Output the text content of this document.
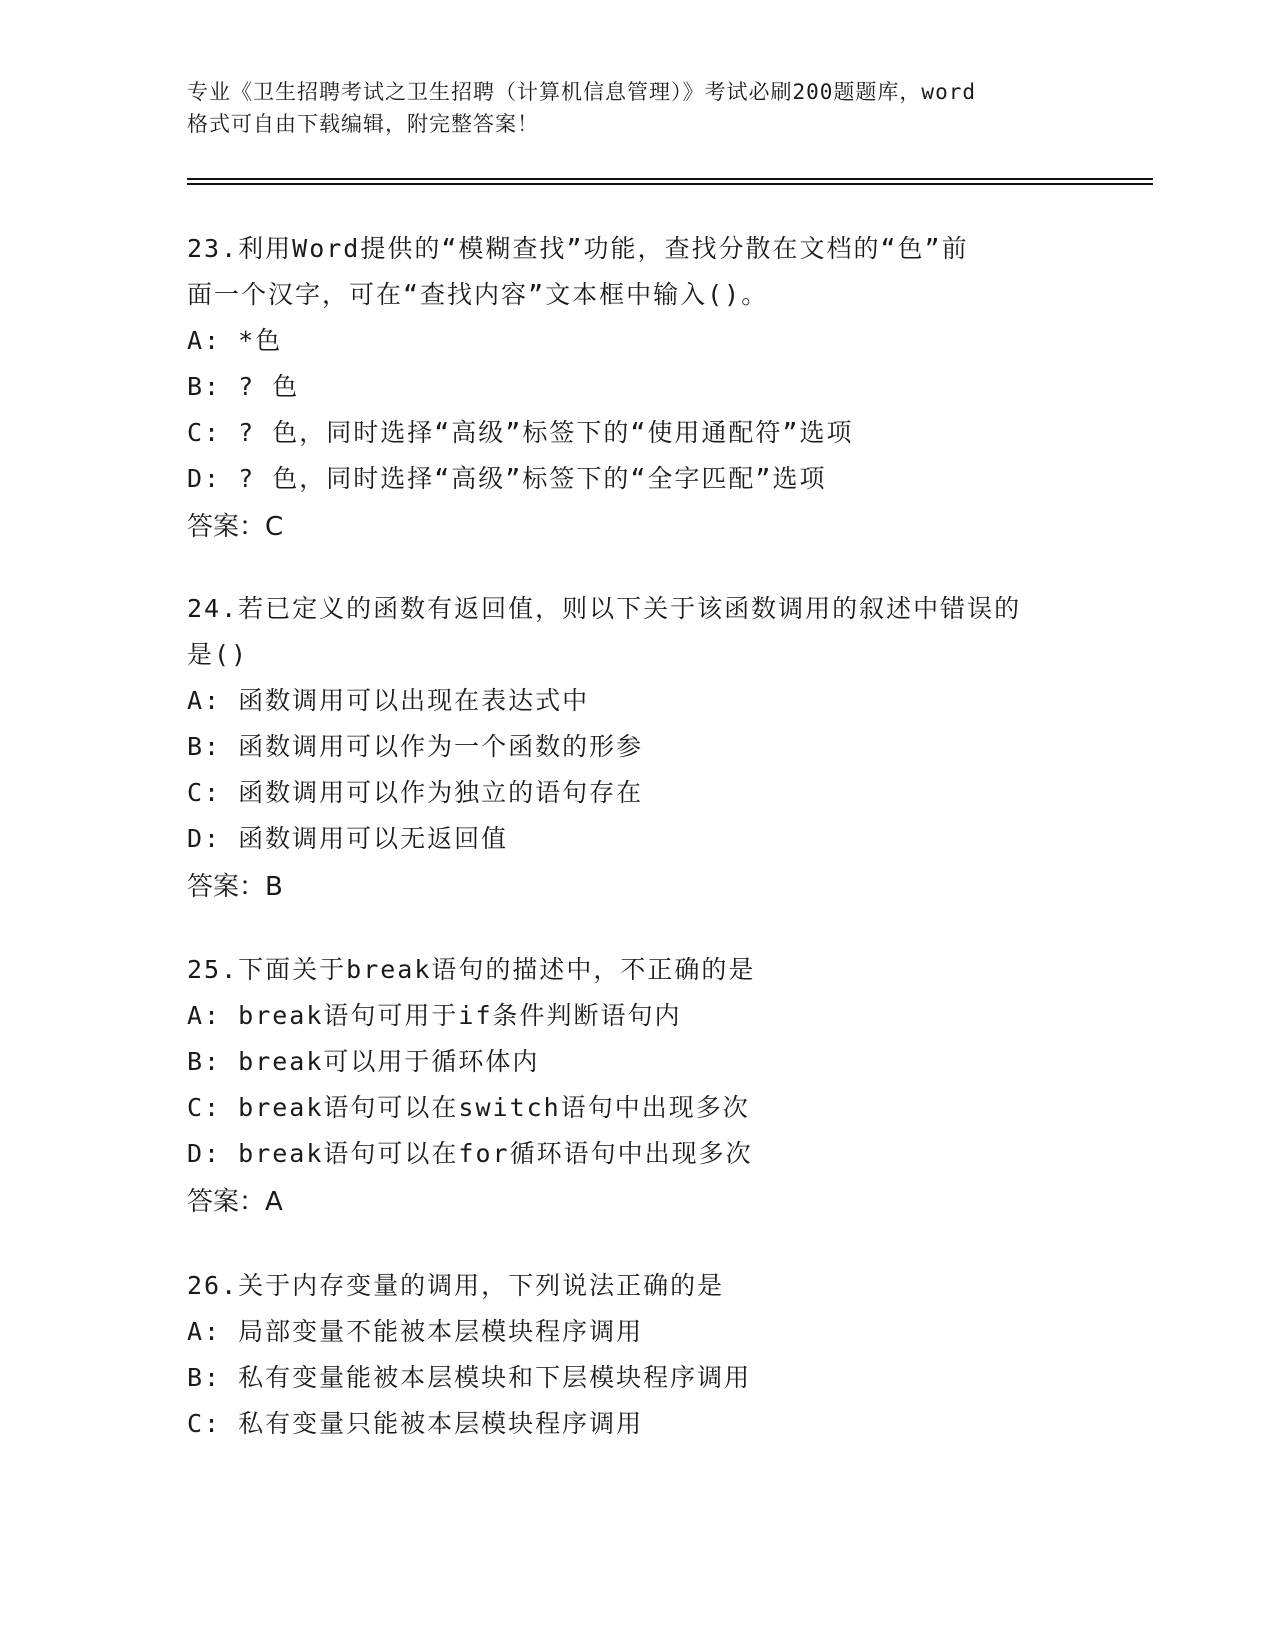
专业《卫生招聘考试之卫生招聘（计算机信息管理）》考试必刷200题题库，word
格式可自由下载编辑，附完整答案！
23.利用Word提供的“模糊查找”功能，查找分散在文档的“色”前
面一个汉字，可在“查找内容”文本框中输入()。
A: *色
B: ? 色
C: ? 色，同时选择“高级”标签下的“使用通配符”选项
D: ? 色，同时选择“高级”标签下的“全字匹配”选项
答案：C
24.若已定义的函数有返回值，则以下关于该函数调用的叙述中错误的
是()
A: 函数调用可以出现在表达式中
B: 函数调用可以作为一个函数的形参
C: 函数调用可以作为独立的语句存在
D: 函数调用可以无返回值
答案：B
25.下面关于break语句的描述中，不正确的是
A: break语句可用于if条件判断语句内
B: break可以用于循环体内
C: break语句可以在switch语句中出现多次
D: break语句可以在for循环语句中出现多次
答案：A
26.关于内存变量的调用，下列说法正确的是
A: 局部变量不能被本层模块程序调用
B: 私有变量能被本层模块和下层模块程序调用
C: 私有变量只能被本层模块程序调用
